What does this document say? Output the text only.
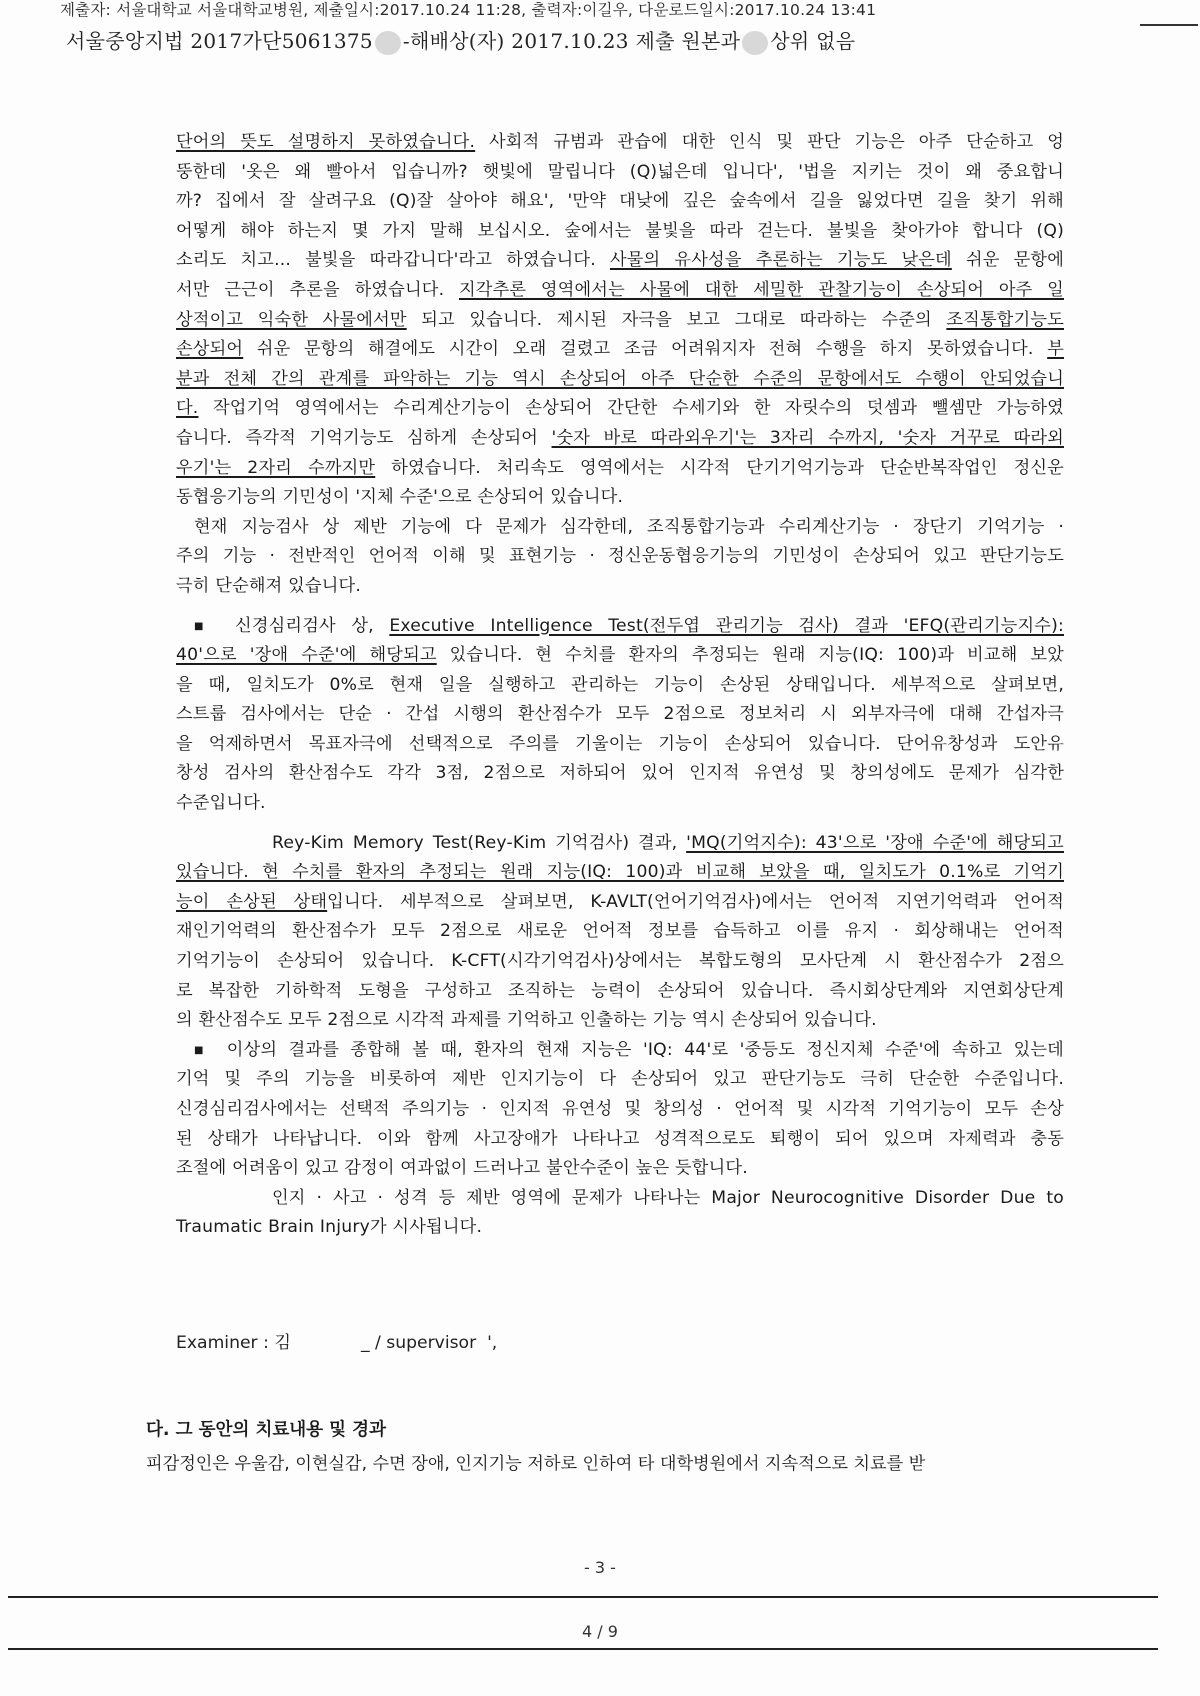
제출자: 서울대학교 서울대학교병원, 제출일시:2017.10.24 11:28, 출력자:이길우, 다운로드일시:2017.10.24 13:41
서울중앙지법 2017가단5061375 -해배상(자) 2017.10.23 제출 원본과 상위 없음
단어의 뜻도 설명하지 못하였습니다. 사회적 규범과 관습에 대한 인식 및 판단 기능은 아주 단순하고 엉
뚱한데 '옷은 왜 빨아서 입습니까? 햇빛에 말립니다 (Q)넓은데 입니다', '법을 지키는 것이 왜 중요합니
까? 집에서 잘 살려구요 (Q)잘 살아야 해요', '만약 대낮에 깊은 숲속에서 길을 잃었다면 길을 찾기 위해
어떻게 해야 하는지 몇 가지 말해 보십시오. 숲에서는 불빛을 따라 걷는다. 불빛을 찾아가야 합니다 (Q)
소리도 치고... 불빛을 따라갑니다'라고 하였습니다. 사물의 유사성을 추론하는 기능도 낮은데 쉬운 문항에
서만 근근이 추론을 하였습니다. 지각추론 영역에서는 사물에 대한 세밀한 관찰기능이 손상되어 아주 일
상적이고 익숙한 사물에서만 되고 있습니다. 제시된 자극을 보고 그대로 따라하는 수준의 조직통합기능도
손상되어 쉬운 문항의 해결에도 시간이 오래 걸렸고 조금 어려워지자 전혀 수행을 하지 못하였습니다. 부
분과 전체 간의 관계를 파악하는 기능 역시 손상되어 아주 단순한 수준의 문항에서도 수행이 안되었습니
다. 작업기억 영역에서는 수리계산기능이 손상되어 간단한 수세기와 한 자릿수의 덧셈과 뺄셈만 가능하였
습니다. 즉각적 기억기능도 심하게 손상되어 '숫자 바로 따라외우기'는 3자리 수까지, '숫자 거꾸로 따라외
우기'는 2자리 수까지만 하였습니다. 처리속도 영역에서는 시각적 단기기억기능과 단순반복작업인 정신운
동협응기능의 기민성이 '지체 수준'으로 손상되어 있습니다.
현재 지능검사 상 제반 기능에 다 문제가 심각한데, 조직통합기능과 수리계산기능 · 장단기 기억기능 ·
주의 기능 · 전반적인 언어적 이해 및 표현기능 · 정신운동협응기능의 기민성이 손상되어 있고 판단기능도
극히 단순해져 있습니다.
■ 신경심리검사 상, Executive Intelligence Test(전두엽 관리기능 검사) 결과 'EFQ(관리기능지수):
40'으로 '장애 수준'에 해당되고 있습니다. 현 수치를 환자의 추정되는 원래 지능(IQ: 100)과 비교해 보았
을 때, 일치도가 0%로 현재 일을 실행하고 관리하는 기능이 손상된 상태입니다. 세부적으로 살펴보면,
스트룹 검사에서는 단순 · 간섭 시행의 환산점수가 모두 2점으로 정보처리 시 외부자극에 대해 간섭자극
을 억제하면서 목표자극에 선택적으로 주의를 기울이는 기능이 손상되어 있습니다. 단어유창성과 도안유
창성 검사의 환산점수도 각각 3점, 2점으로 저하되어 있어 인지적 유연성 및 창의성에도 문제가 심각한
수준입니다.
Rey-Kim Memory Test(Rey-Kim 기억검사) 결과, 'MQ(기억지수): 43'으로 '장애 수준'에 해당되고
있습니다. 현 수치를 환자의 추정되는 원래 지능(IQ: 100)과 비교해 보았을 때, 일치도가 0.1%로 기억기
능이 손상된 상태입니다. 세부적으로 살펴보면, K-AVLT(언어기억검사)에서는 언어적 지연기억력과 언어적
재인기억력의 환산점수가 모두 2점으로 새로운 언어적 정보를 습득하고 이를 유지 · 회상해내는 언어적
기억기능이 손상되어 있습니다. K-CFT(시각기억검사)상에서는 복합도형의 모사단계 시 환산점수가 2점으
로 복잡한 기하학적 도형을 구성하고 조직하는 능력이 손상되어 있습니다. 즉시회상단계와 지연회상단계
의 환산점수도 모두 2점으로 시각적 과제를 기억하고 인출하는 기능 역시 손상되어 있습니다.
■ 이상의 결과를 종합해 볼 때, 환자의 현재 지능은 'IQ: 44'로 '중등도 정신지체 수준'에 속하고 있는데
기억 및 주의 기능을 비롯하여 제반 인지기능이 다 손상되어 있고 판단기능도 극히 단순한 수준입니다.
신경심리검사에서는 선택적 주의기능 · 인지적 유연성 및 창의성 · 언어적 및 시각적 기억기능이 모두 손상
된 상태가 나타납니다. 이와 함께 사고장애가 나타나고 성격적으로도 퇴행이 되어 있으며 자제력과 충동
조절에 어려움이 있고 감정이 여과없이 드러나고 불안수준이 높은 듯합니다.
인지 · 사고 · 성격 등 제반 영역에 문제가 나타나는 Major Neurocognitive Disorder Due to
Traumatic Brain Injury가 시사됩니다.
Examiner : 김	_ / supervisor ',
다. 그 동안의 치료내용 및 경과
피감정인은 우울감, 이현실감, 수면 장애, 인지기능 저하로 인하여 타 대학병원에서 지속적으로 치료를 받
- 3 -
4 / 9
